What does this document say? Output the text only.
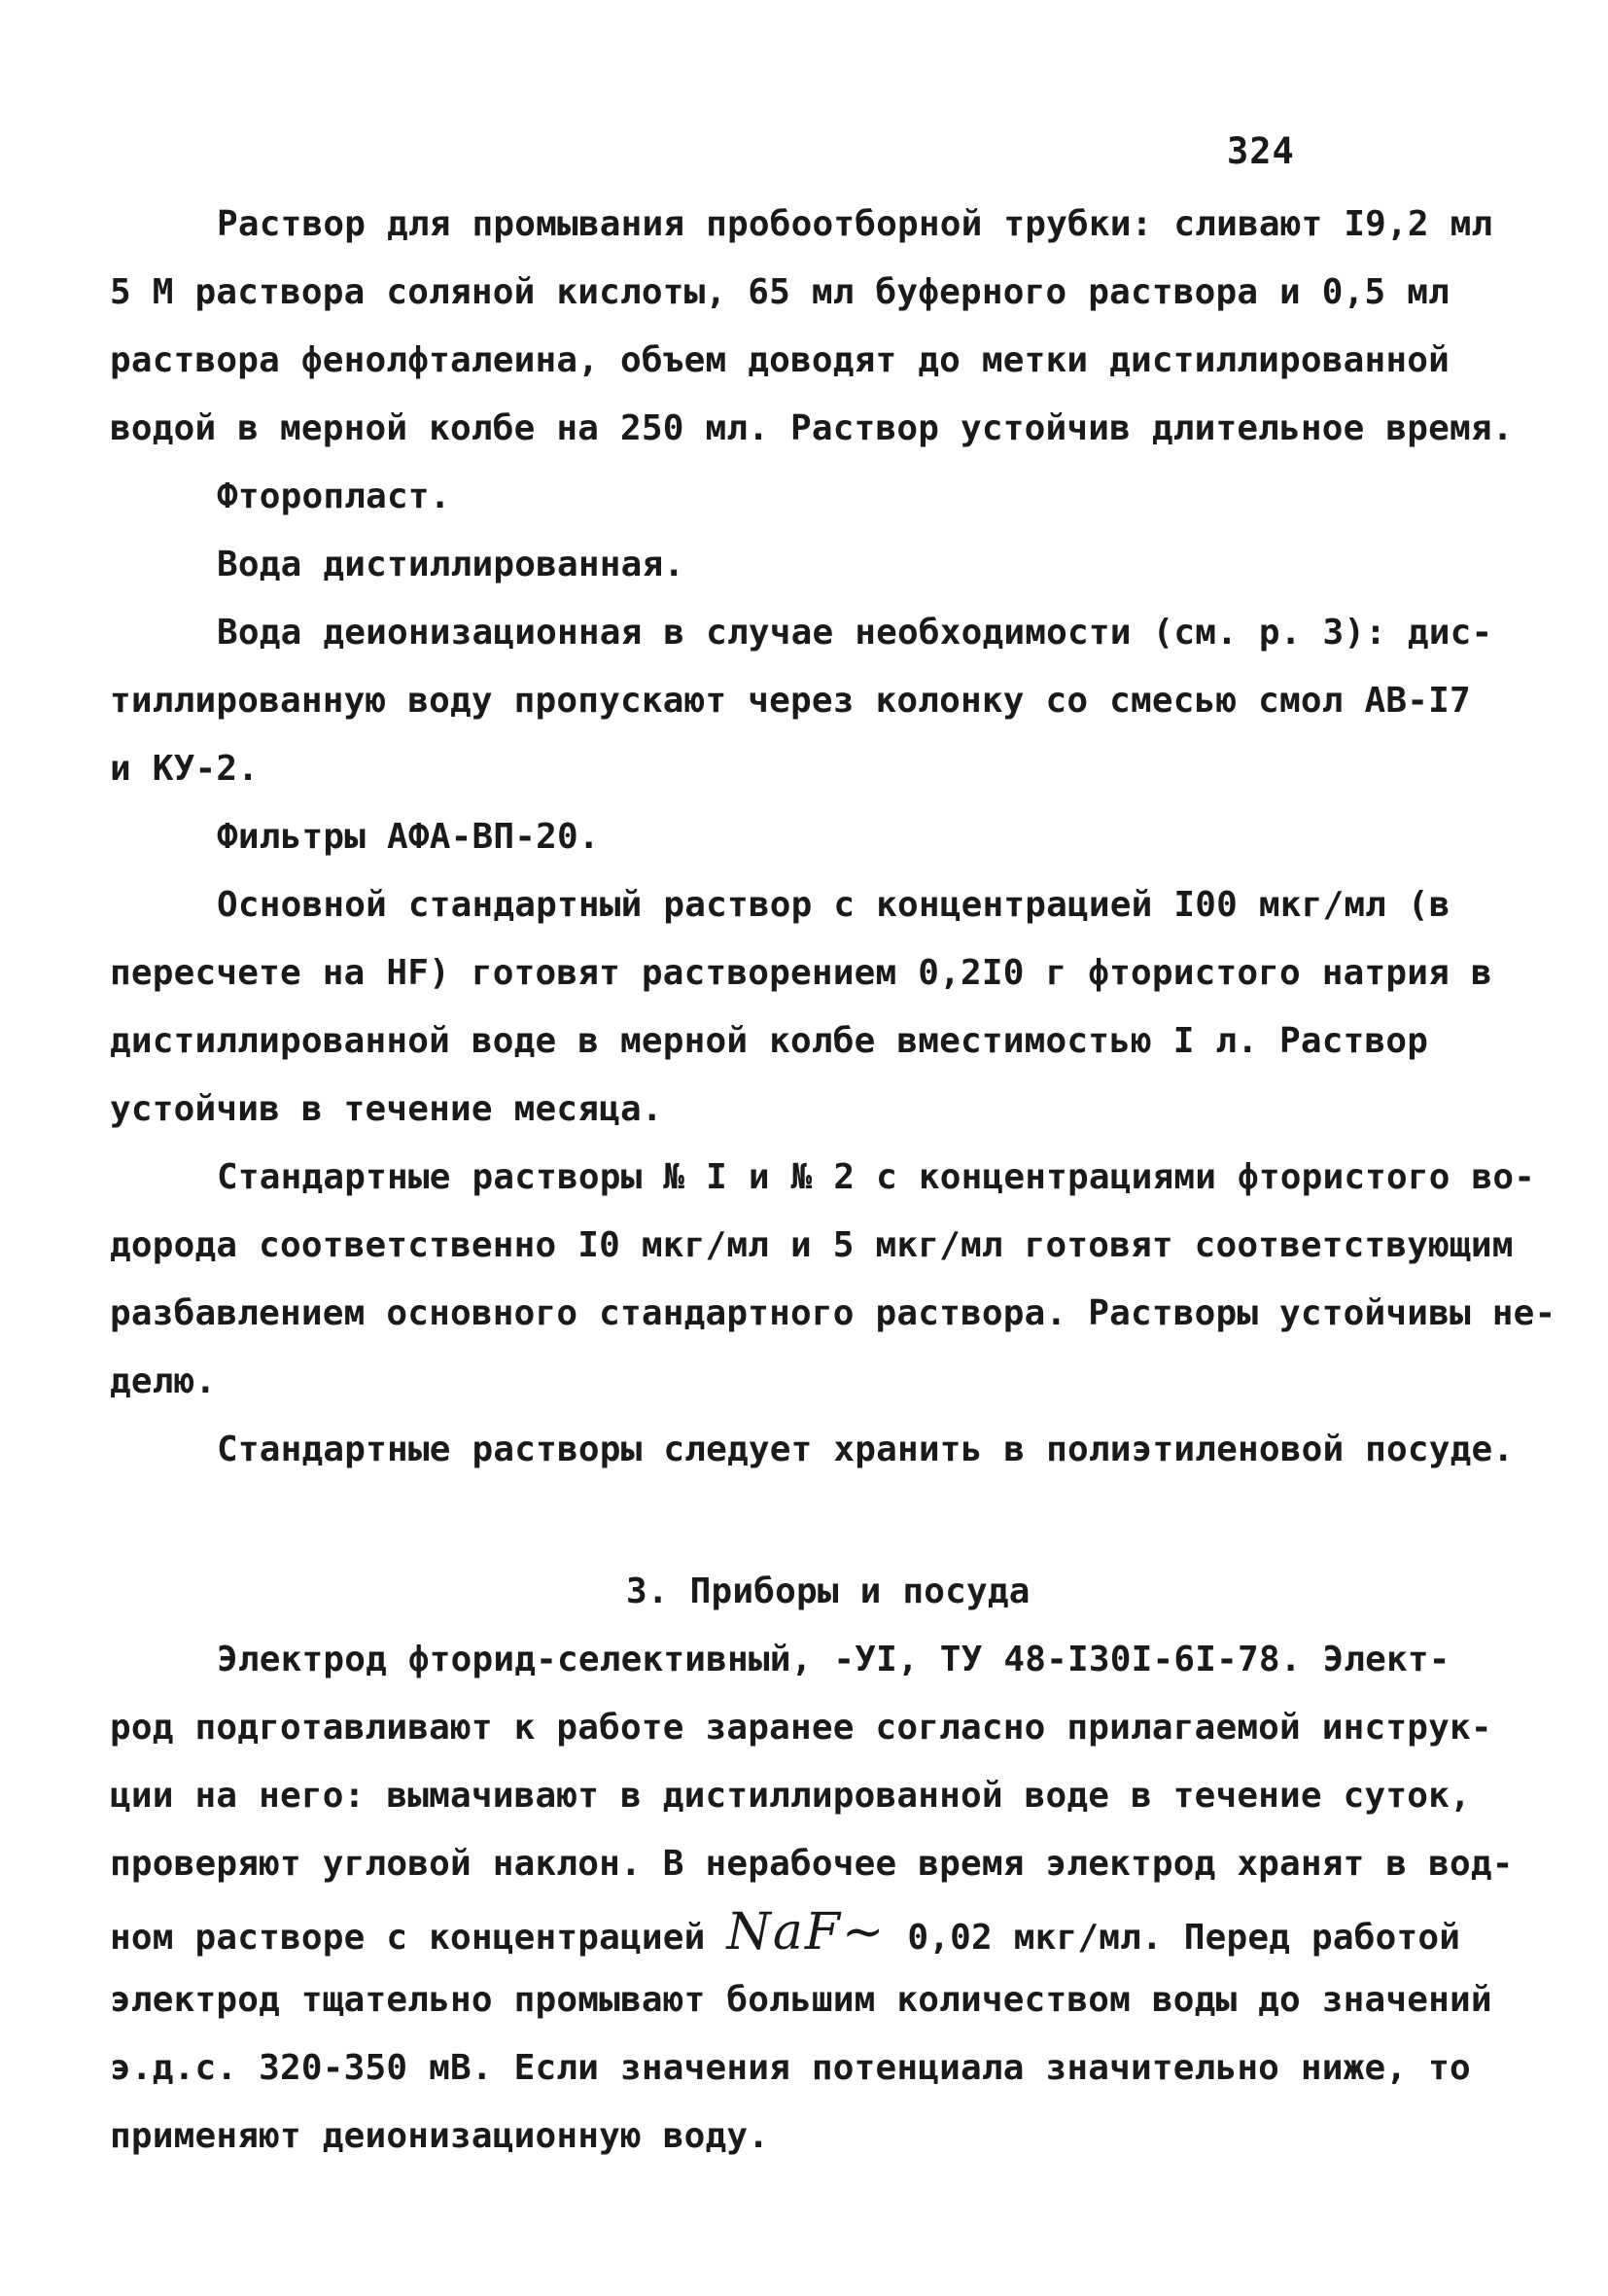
324
Раствор для промывания пробоотборной трубки: сливают I9,2 мл
5 М раствора соляной кислоты, 65 мл буферного раствора и 0,5 мл
раствора фенолфталеина, объем доводят до метки дистиллированной
водой в мерной колбе на 250 мл. Раствор устойчив длительное время.
Фторопласт.
Вода дистиллированная.
Вода деионизационная в случае необходимости (см. р. 3): дис-
тиллированную воду пропускают через колонку со смесью смол АВ-I7
и КУ-2.
Фильтры АФА-ВП-20.
Основной стандартный раствор с концентрацией I00 мкг/мл (в
пересчете на НF) готовят растворением 0,2I0 г фтористого натрия в
дистиллированной воде в мерной колбе вместимостью I л. Раствор
устойчив в течение месяца.
Стандартные растворы № I и № 2 с концентрациями фтористого во-
дорода соответственно I0 мкг/мл и 5 мкг/мл готовят соответствующим
разбавлением основного стандартного раствора. Растворы устойчивы не-
делю.
Стандартные растворы следует хранить в полиэтиленовой посуде.
3. Приборы и посуда
Электрод фторид-селективный, -УI, ТУ 48-I30I-6I-78. Элект-
род подготавливают к работе заранее согласно прилагаемой инструк-
ции на него: вымачивают в дистиллированной воде в течение суток,
проверяют угловой наклон. В нерабочее время электрод хранят в вод-
ном растворе с концентрацией NaF~ 0,02 мкг/мл. Перед работой
электрод тщательно промывают большим количеством воды до значений
э.д.с. 320-350 мВ. Если значения потенциала значительно ниже, то
применяют деионизационную воду.
